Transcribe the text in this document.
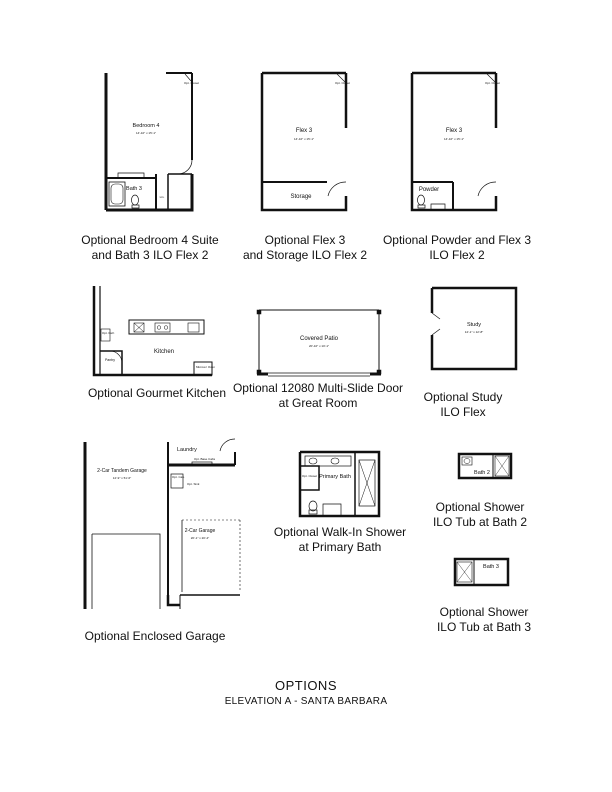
Bedroom 4
14'-10" x 15'-1"
Bath 3
Opt. Closet
Lin.
Optional Bedroom 4 Suite
and Bath 3 ILO Flex 2
Flex 3
14'-10" x 15'-1"
Storage
Opt. Closet
Optional Flex 3
and Storage ILO Flex 2
Flex 3
14'-10" x 15'-1"
Powder
Opt. Closet
Optional Powder and Flex 3
ILO Flex 2
Kitchen
Pantry
Opt. Refr.
Microw./ Oven
Optional Gourmet Kitchen
Covered Patio
20'-10" x 10'-1"
Optional 12080 Multi-Slide Door
at Great Room
Study
14'-1" x 12'-8"
Optional Study
ILO Flex
2-Car Tandem Garage
14'-9" x 51'-6"
2-Car Garage
20'-1" x 20'-4"
Laundry
Opt. Base Cabs
Opt. Sink
Opt. Cab.
Optional Enclosed Garage
Primary Bath
Opt. Closet
Optional Walk-In Shower
at Primary Bath
Bath 2
Optional Shower
ILO Tub at Bath 2
Bath 3
Optional Shower
ILO Tub at Bath 3
OPTIONS
ELEVATION A - SANTA BARBARA
